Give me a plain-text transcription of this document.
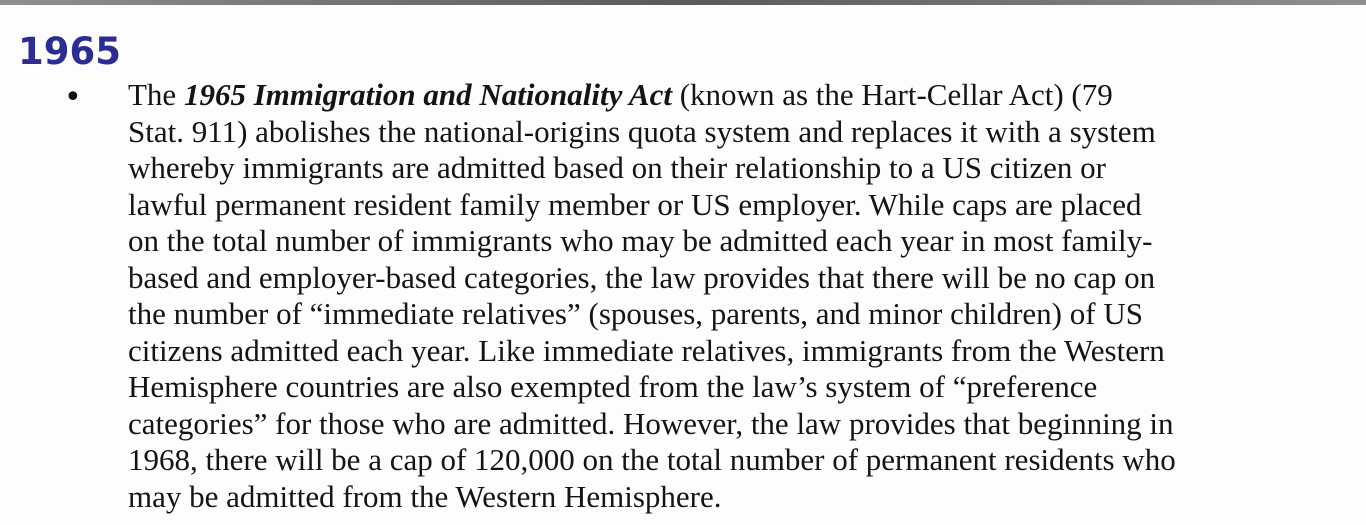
1965
• The 1965 Immigration and Nationality Act (known as the Hart-Cellar Act) (79
Stat. 911) abolishes the national-origins quota system and replaces it with a system
whereby immigrants are admitted based on their relationship to a US citizen or
lawful permanent resident family member or US employer. While caps are placed
on the total number of immigrants who may be admitted each year in most family-
based and employer-based categories, the law provides that there will be no cap on
the number of “immediate relatives” (spouses, parents, and minor children) of US
citizens admitted each year. Like immediate relatives, immigrants from the Western
Hemisphere countries are also exempted from the law’s system of “preference
categories” for those who are admitted. However, the law provides that beginning in
1968, there will be a cap of 120,000 on the total number of permanent residents who
may be admitted from the Western Hemisphere.
